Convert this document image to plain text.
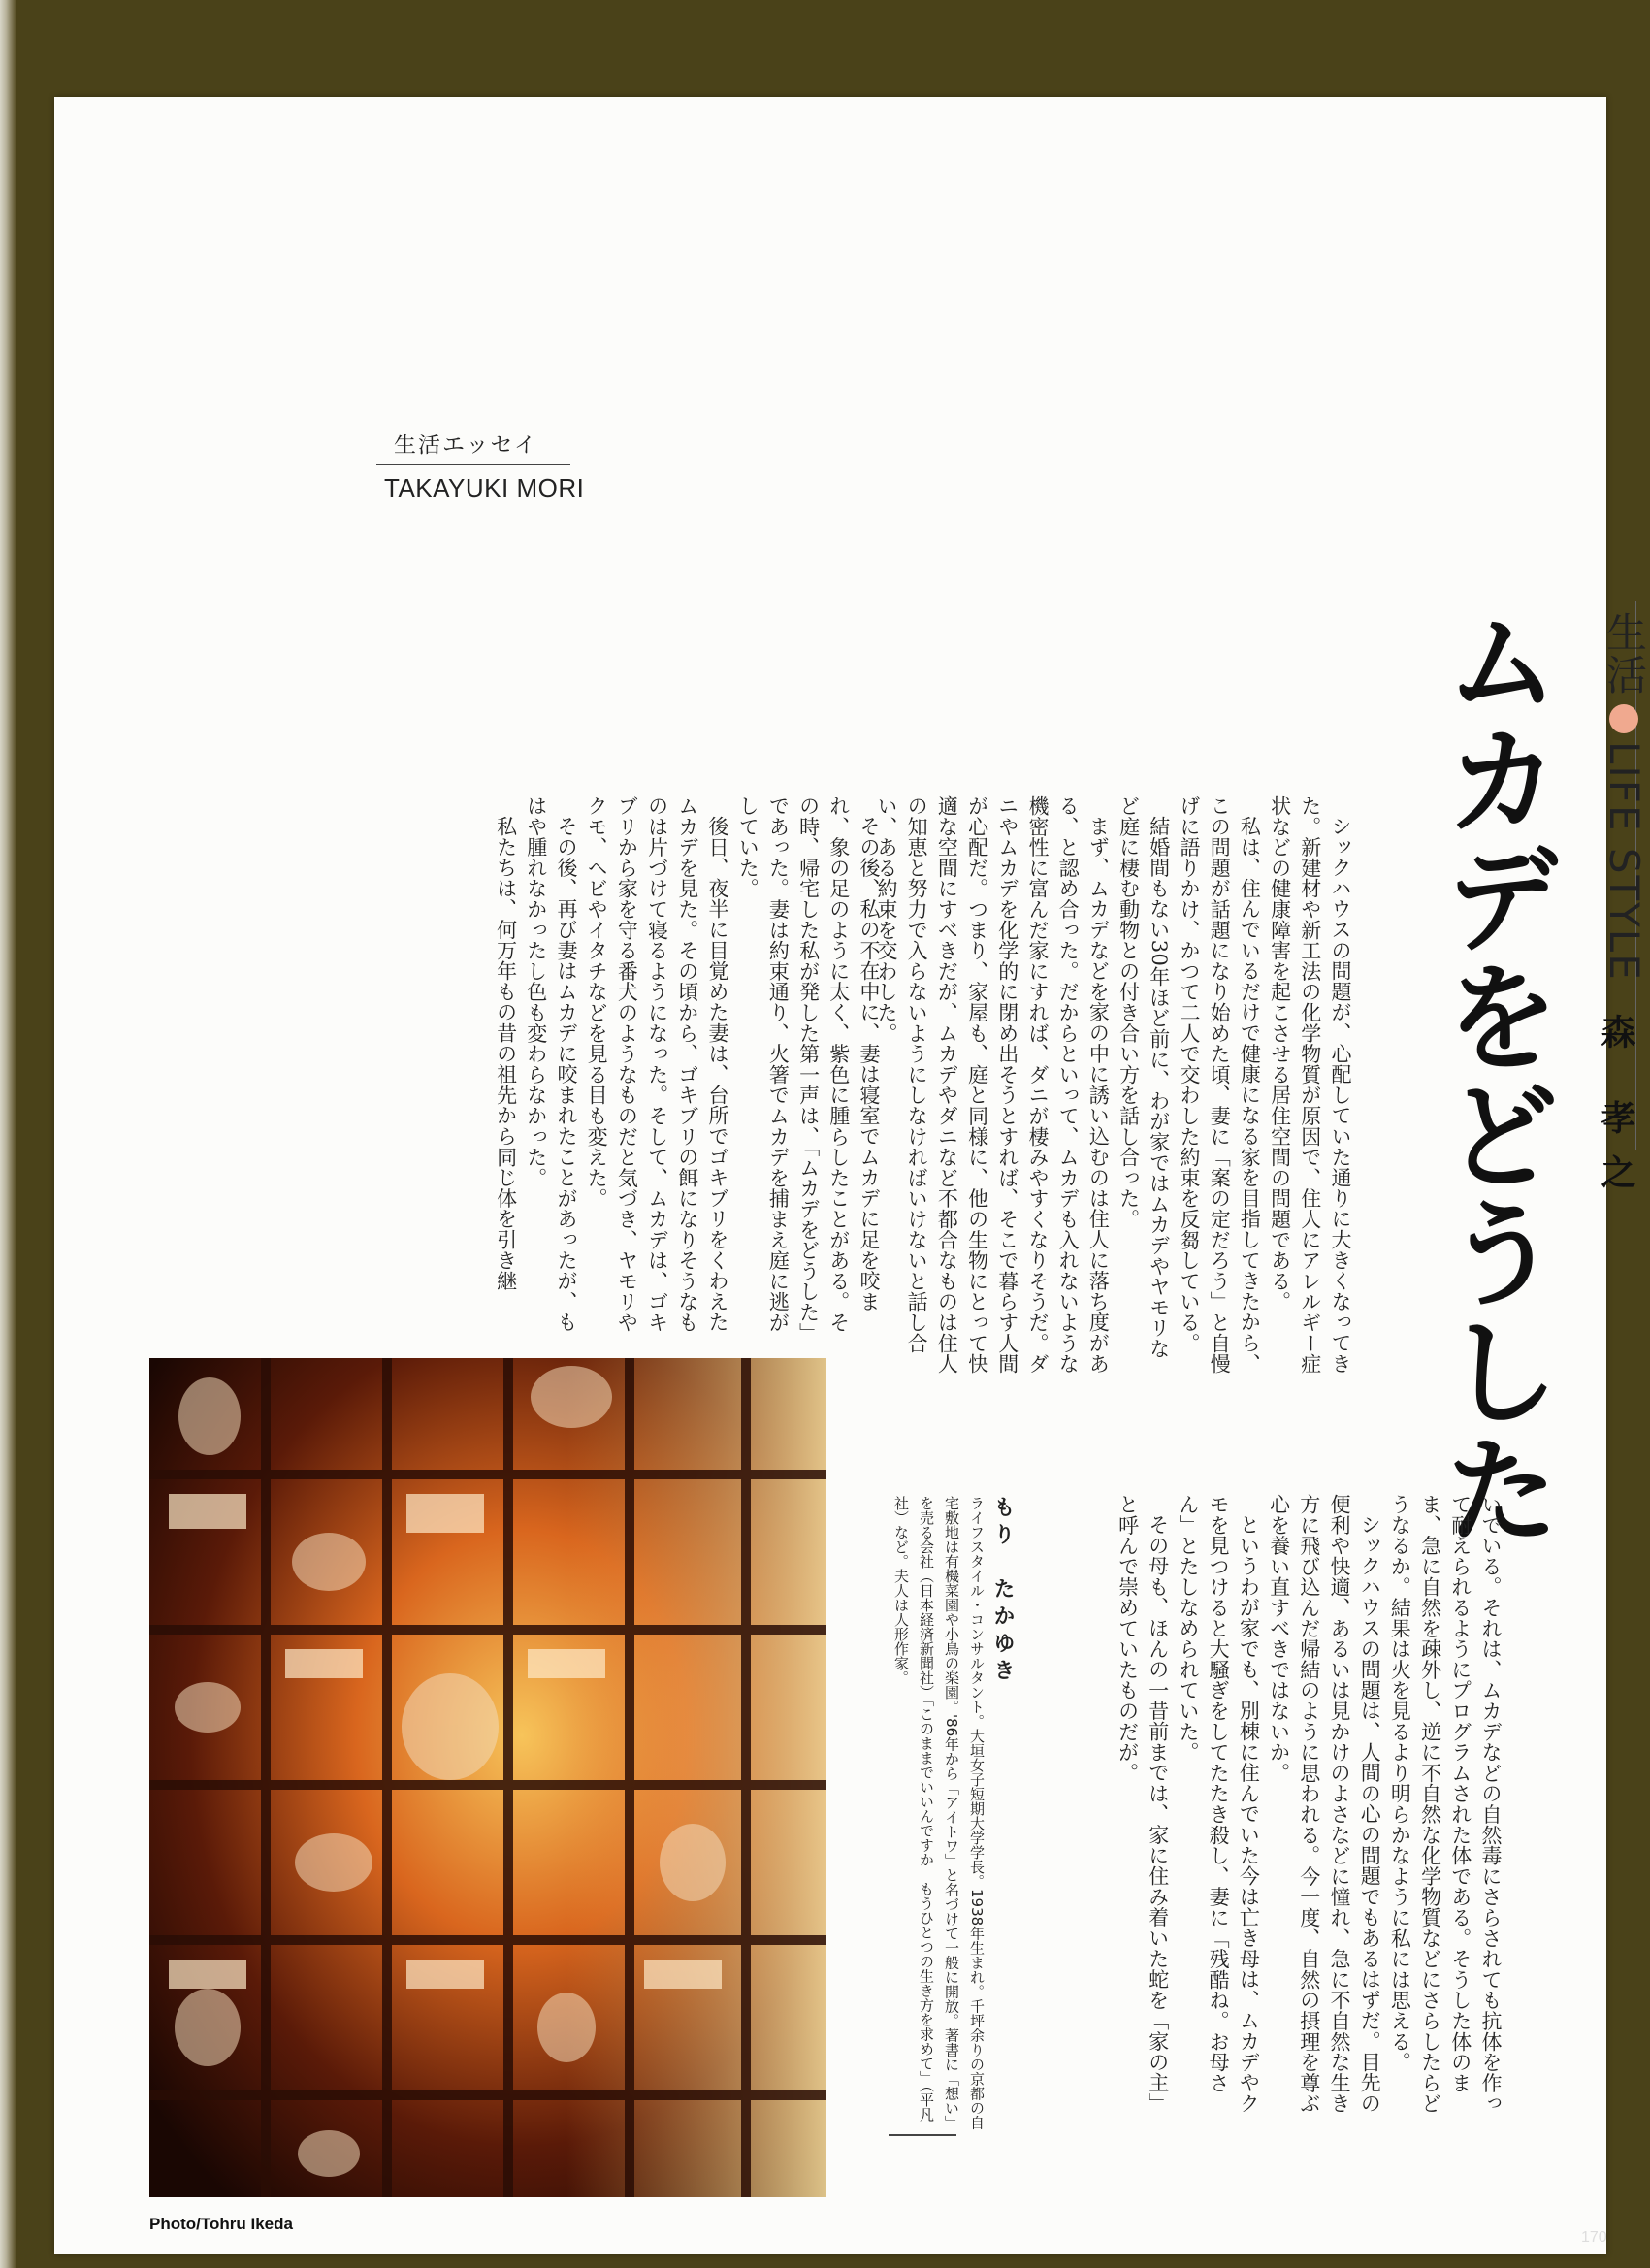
生活エッセイ
TAKAYUKI MORI
生活LIFE STYLE
森 孝之
ムカデをどうした

シックハウスの問題が、心配していた通りに大きくなってきた。新建材や新工法の化学物質が原因で、住人にアレルギー症状などの健康障害を起こさせる居住空間の問題である。

私は、住んでいるだけで健康になる家を目指してきたから、この問題が話題になり始めた頃、妻に「案の定だろう」と自慢げに語りかけ、かつて二人で交わした約束を反芻している。

結婚間もない30年ほど前に、わが家ではムカデやヤモリなど庭に棲む動物との付き合い方を話し合った。

まず、ムカデなどを家の中に誘い込むのは住人に落ち度がある、と認め合った。だからといって、ムカデも入れないような機密性に富んだ家にすれば、ダニが棲みやすくなりそうだ。ダニやムカデを化学的に閉め出そうとすれば、そこで暮らす人間が心配だ。つまり、家屋も、庭と同様に、他の生物にとって快適な空間にすべきだが、ムカデやダニなど不都合なものは住人の知恵と努力で入らないようにしなければいけないと話し合い、ある約束を交わした。

その後、私の不在中に、妻は寝室でムカデに足を咬まれ、象の足のように太く、紫色に腫らしたことがある。その時、帰宅した私が発した第一声は、「ムカデをどうした」であった。妻は約束通り、火箸でムカデを捕まえ庭に逃がしていた。

後日、夜半に目覚めた妻は、台所でゴキブリをくわえたムカデを見た。その頃から、ゴキブリの餌になりそうなものは片づけて寝るようになった。そして、ムカデは、ゴキブリから家を守る番犬のようなものだと気づき、ヤモリやクモ、ヘビやイタチなどを見る目も変えた。

その後、再び妻はムカデに咬まれたことがあったが、もはや腫れなかったし色も変わらなかった。

私たちは、何万年もの昔の祖先から同じ体を引き継

いでいる。それは、ムカデなどの自然毒にさらされても抗体を作って耐えられるようにプログラムされた体である。そうした体のまま、急に自然を疎外し、逆に不自然な化学物質などにさらしたらどうなるか。結果は火を見るより明らかなように私には思える。

シックハウスの問題は、人間の心の問題でもあるはずだ。目先の便利や快適、あるいは見かけのよさなどに憧れ、急に不自然な生き方に飛び込んだ帰結のように思われる。今一度、自然の摂理を尊ぶ心を養い直すべきではないか。

というわが家でも、別棟に住んでいた今は亡き母は、ムカデやクモを見つけると大騒ぎをしてたたき殺し、妻に「残酷ね。お母さん」とたしなめられていた。

その母も、ほんの一昔前までは、家に住み着いた蛇を「家の主」と呼んで崇めていたものだが。

もり　たかゆき

ライフスタイル・コンサルタント。大垣女子短期大学学長。1938年生まれ。千坪余りの京都の自宅敷地は有機菜園や小鳥の楽園。'86年から「アイトワ」と名づけて一般に開放。著書に「想い」を売る会社（日本経済新聞社）「このままでいいんですか　もうひとつの生き方を求めて」（平凡社）など。夫人は人形作家。

Photo/Tohru Ikeda
170
